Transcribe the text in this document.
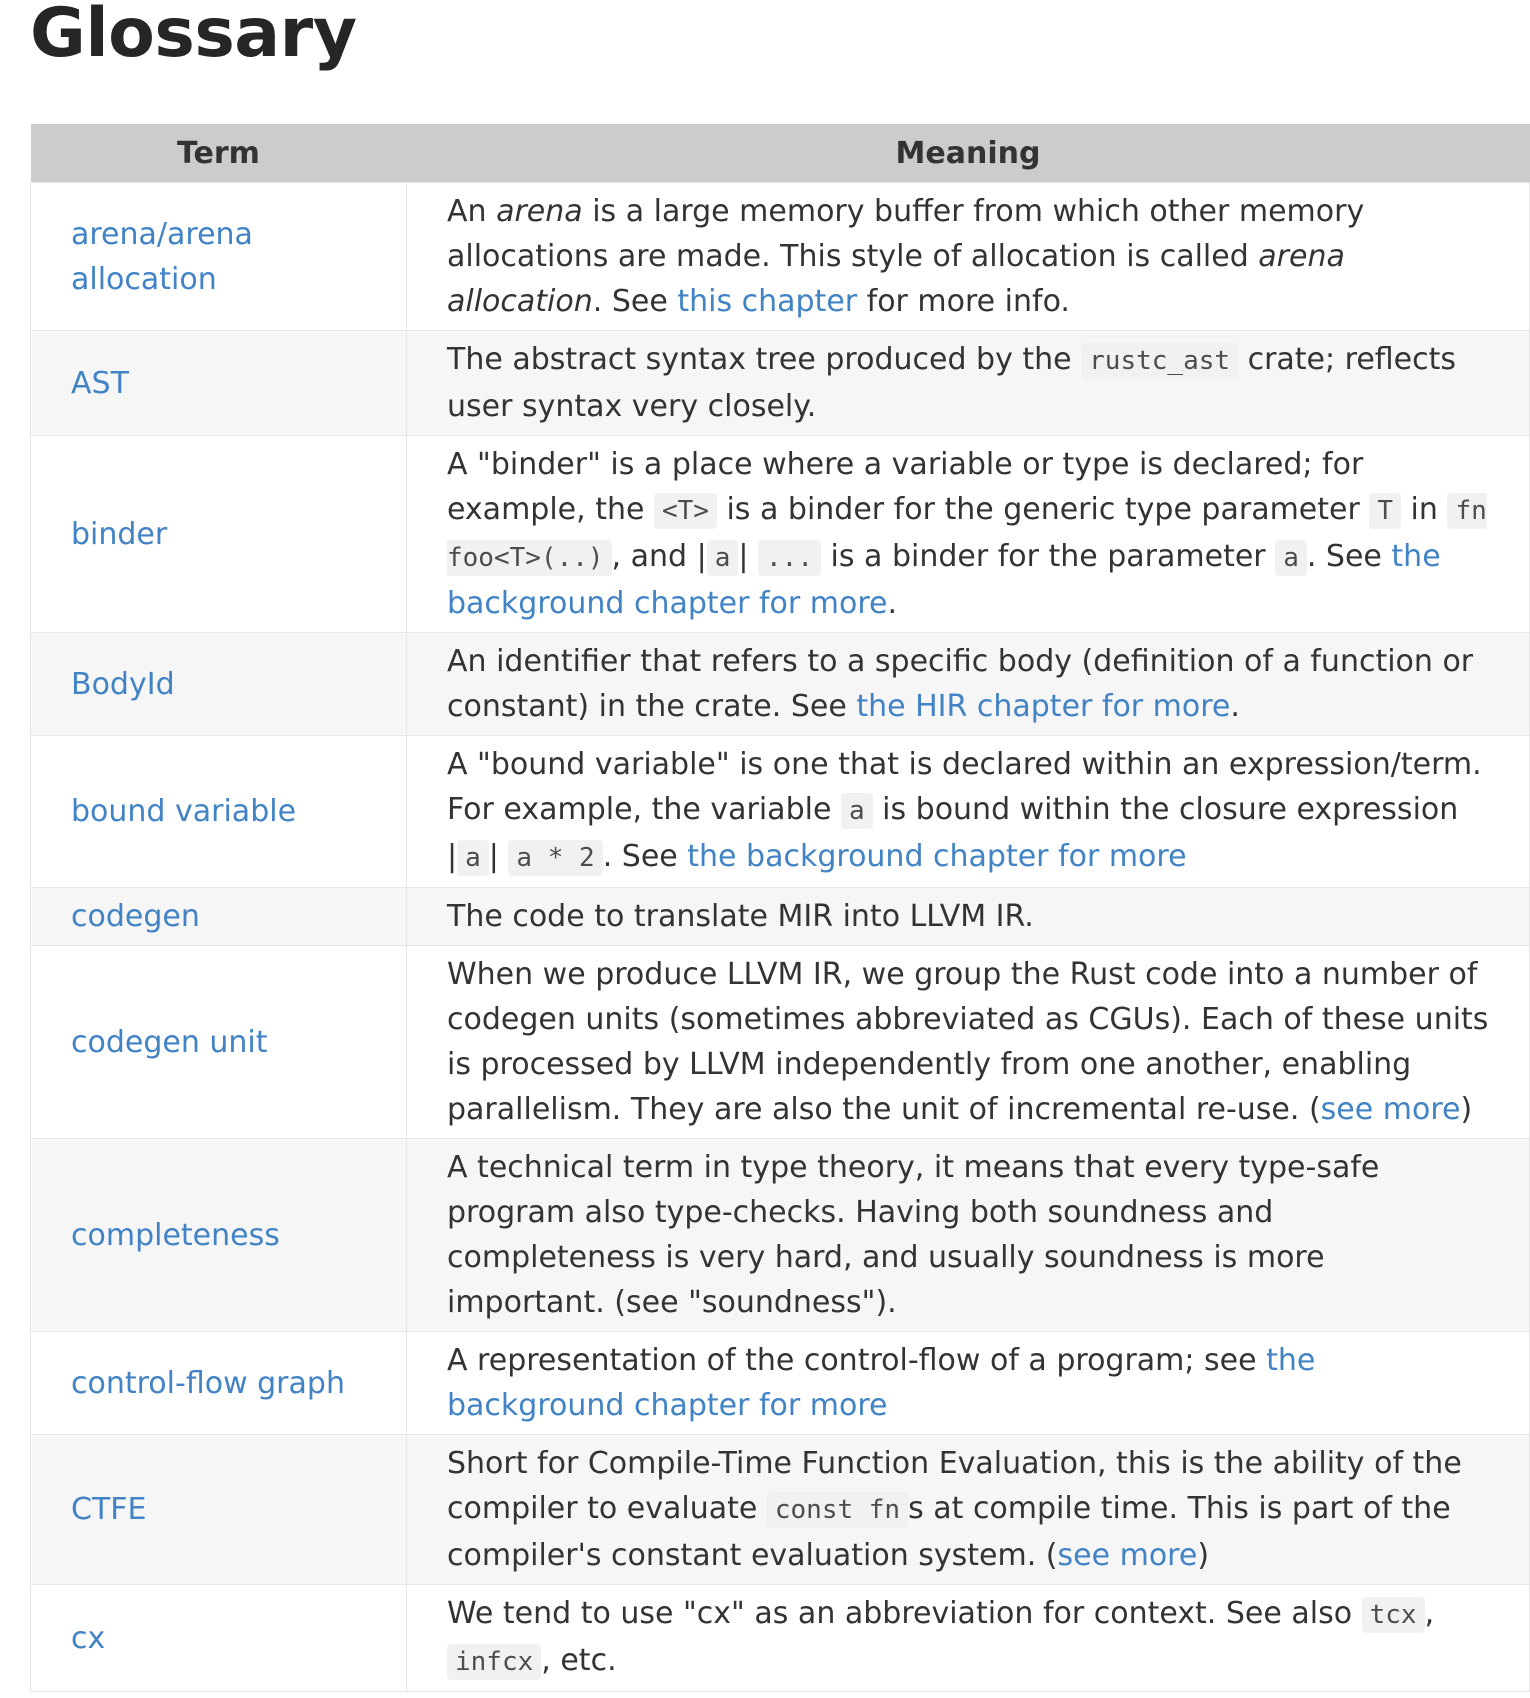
Glossary
Term	Meaning
arena/arena allocation	An arena is a large memory buffer from which other memory allocations are made. This style of allocation is called arena allocation. See this chapter for more info.
AST	The abstract syntax tree produced by the rustc_ast crate; reflects user syntax very closely.
binder	A "binder" is a place where a variable or type is declared; for example, the <T> is a binder for the generic type parameter T in fn foo<T>(..) , and | a | ... is a binder for the parameter a . See the background chapter for more.
BodyId	An identifier that refers to a specific body (definition of a function or constant) in the crate. See the HIR chapter for more.
bound variable	A "bound variable" is one that is declared within an expression/term. For example, the variable a is bound within the closure expression | a | a * 2 . See the background chapter for more
codegen	The code to translate MIR into LLVM IR.
codegen unit	When we produce LLVM IR, we group the Rust code into a number of codegen units (sometimes abbreviated as CGUs). Each of these units is processed by LLVM independently from one another, enabling parallelism. They are also the unit of incremental re-use. (see more)
completeness	A technical term in type theory, it means that every type-safe program also type-checks. Having both soundness and completeness is very hard, and usually soundness is more important. (see "soundness").
control-flow graph	A representation of the control-flow of a program; see the background chapter for more
CTFE	Short for Compile-Time Function Evaluation, this is the ability of the compiler to evaluate const fn s at compile time. This is part of the compiler's constant evaluation system. (see more)
cx	We tend to use "cx" as an abbreviation for context. See also tcx , infcx , etc.
